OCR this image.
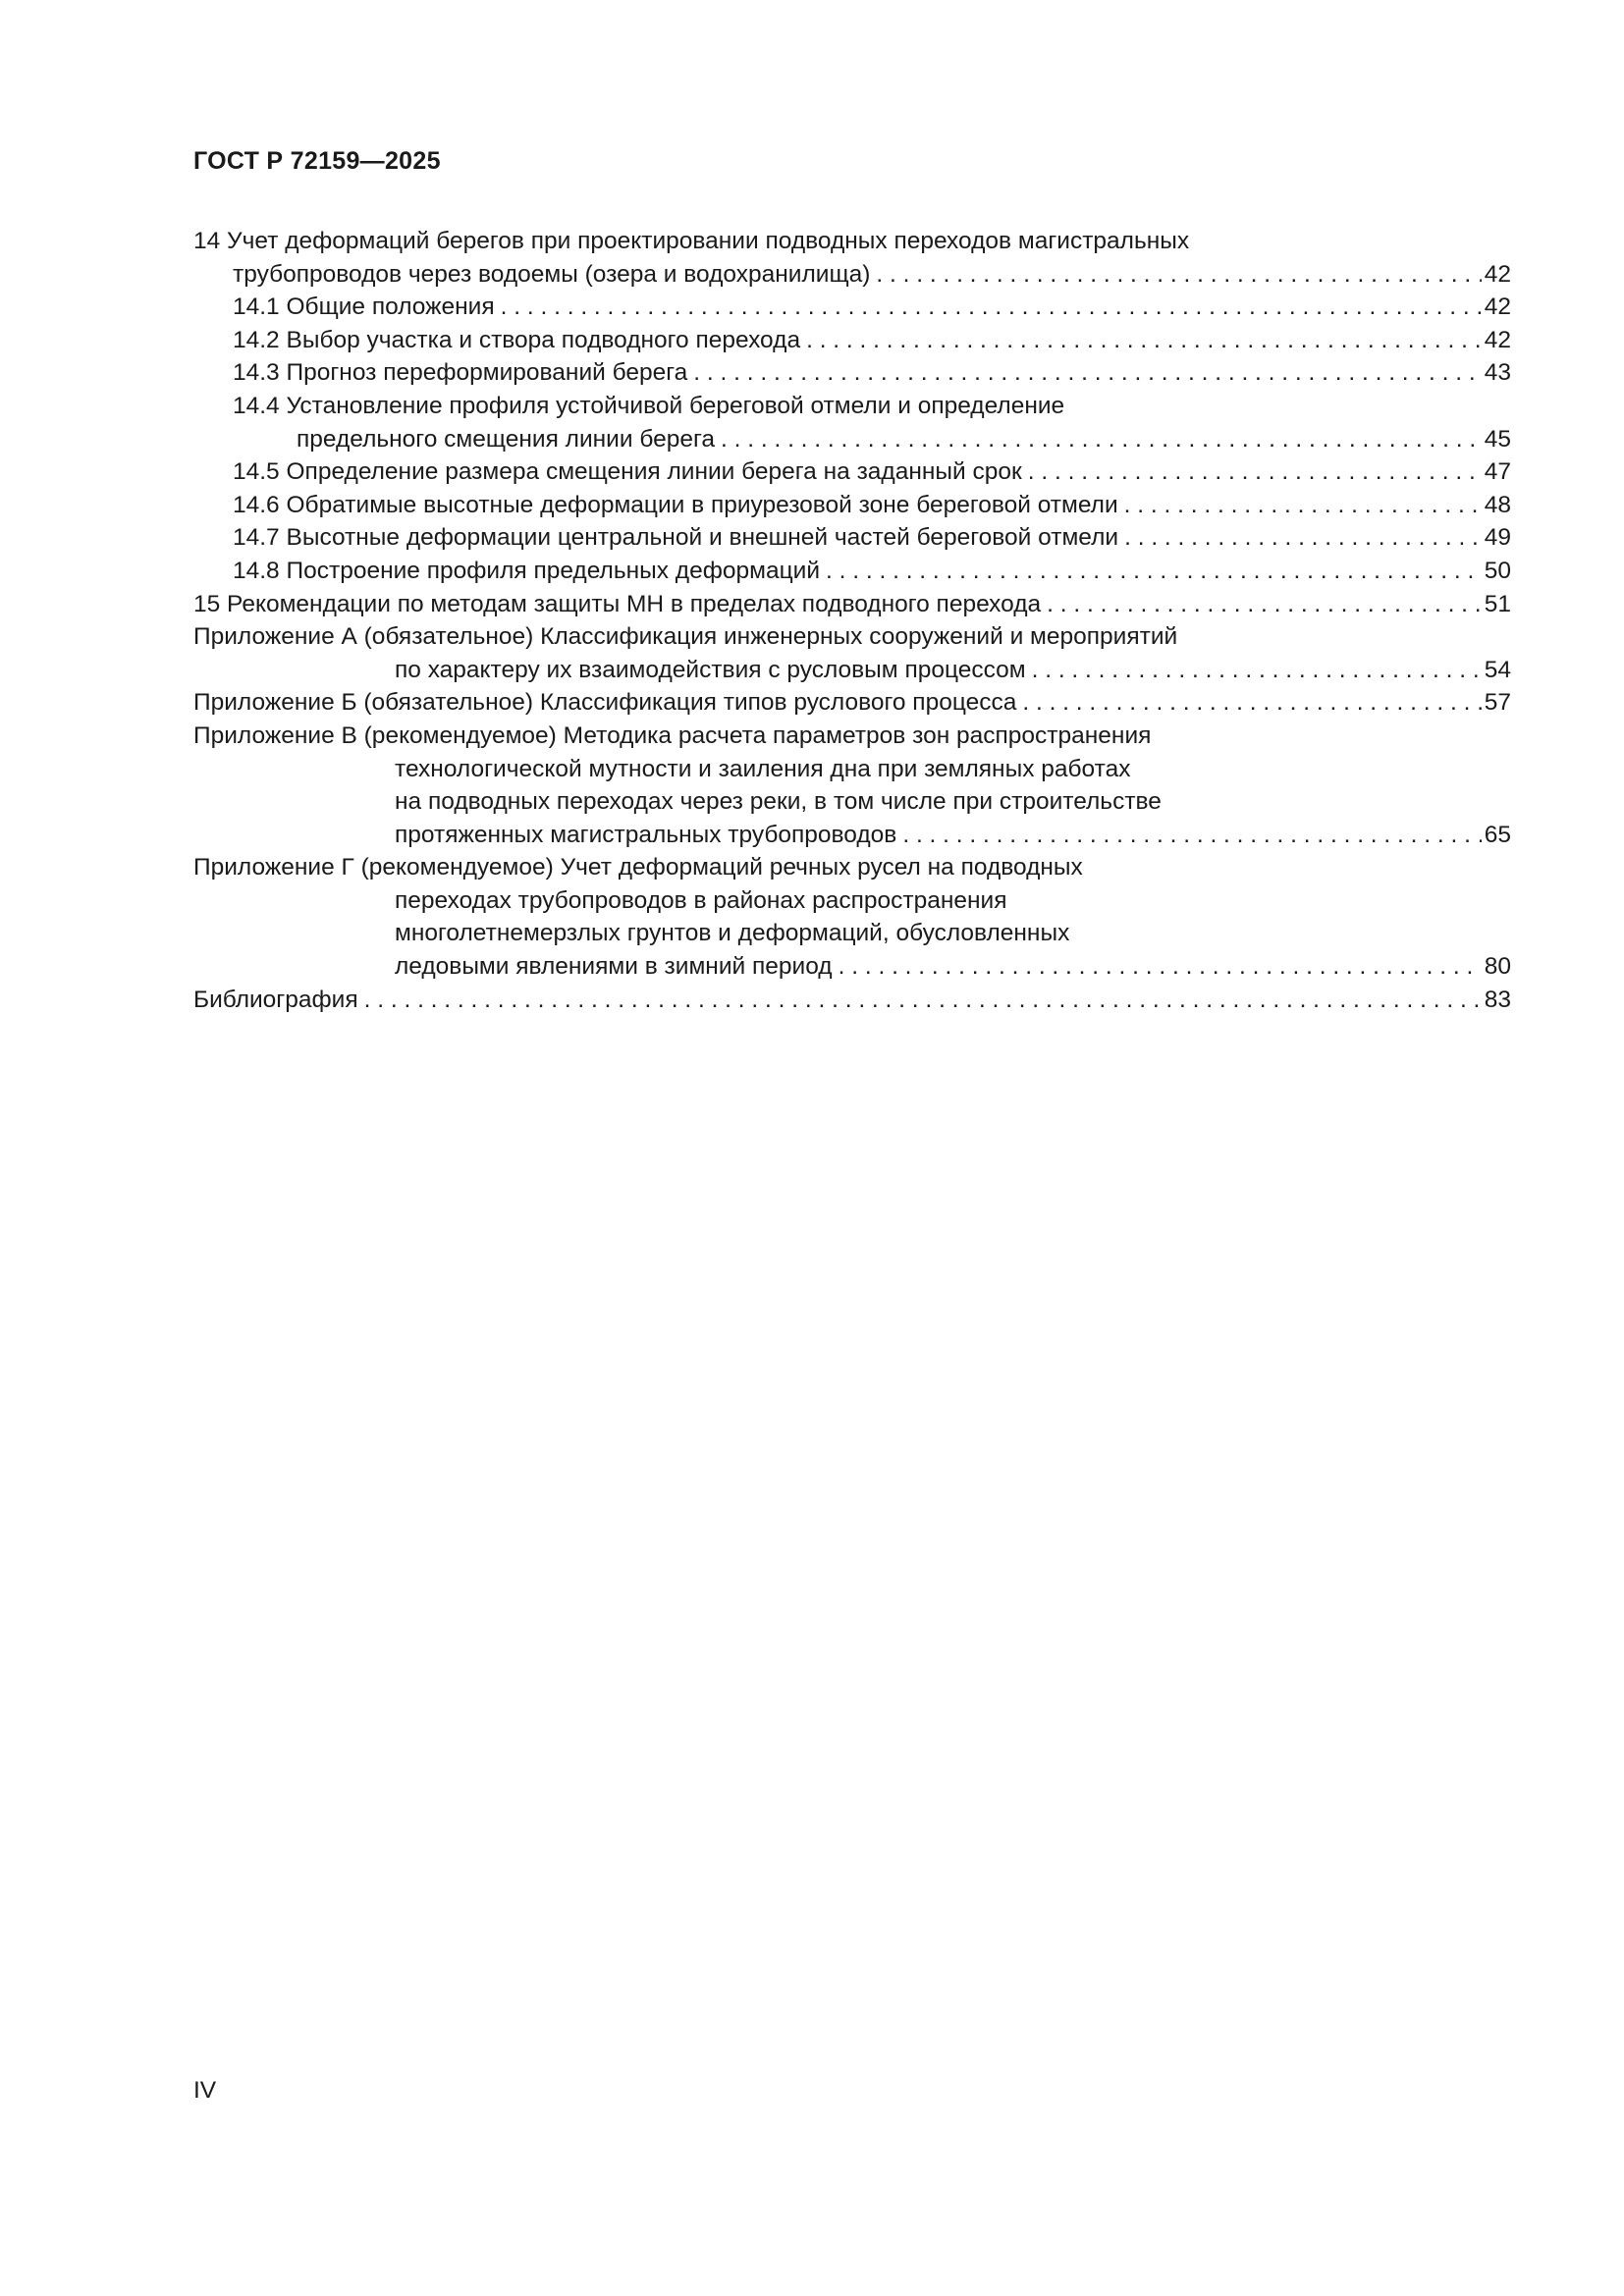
ГОСТ Р 72159—2025
14 Учет деформаций берегов при проектировании подводных переходов магистральных
трубопроводов через водоемы (озера и водохранилища) . . .	42
14.1 Общие положения . . .	42
14.2 Выбор участка и створа подводного перехода . . .	42
14.3 Прогноз переформирований берега . . .	43
14.4 Установление профиля устойчивой береговой отмели и определение
предельного смещения линии берега . . .	45
14.5 Определение размера смещения линии берега на заданный срок . . .	47
14.6 Обратимые высотные деформации в приурезовой зоне береговой отмели . . .	48
14.7 Высотные деформации центральной и внешней частей береговой отмели . . .	49
14.8 Построение профиля предельных деформаций . . .	50
15 Рекомендации по методам защиты МН в пределах подводного перехода . . .	51
Приложение А (обязательное) Классификация инженерных сооружений и мероприятий
по характеру их взаимодействия с русловым процессом . . .	54
Приложение Б (обязательное) Классификация типов руслового процесса . . .	57
Приложение В (рекомендуемое) Методика расчета параметров зон распространения
технологической мутности и заиления дна при земляных работах
на подводных переходах через реки, в том числе при строительстве
протяженных магистральных трубопроводов . . .	65
Приложение Г (рекомендуемое) Учет деформаций речных русел на подводных
переходах трубопроводов в районах распространения
многолетнемерзлых грунтов и деформаций, обусловленных
ледовыми явлениями в зимний период . . .	80
Библиография . . .	83
IV
